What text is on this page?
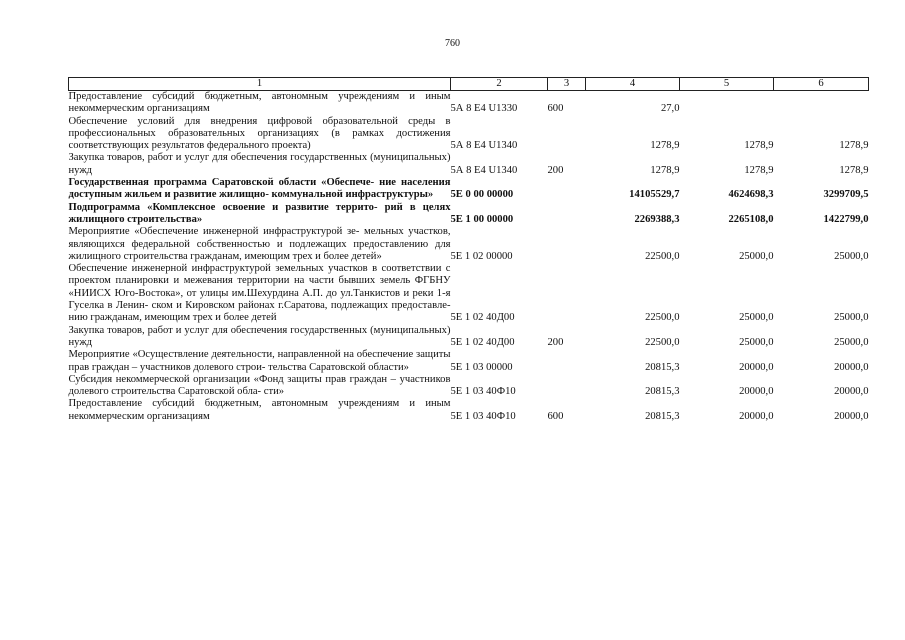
760
1	2	3	4	5	6
Предоставление субсидий бюджетным, автономным учреждениям и иным некоммерческим организациям	5А 8 Е4 U1330	600	27,0		
Обеспечение условий для внедрения цифровой образовательной среды в профессиональных образовательных организациях (в рамках достижения соответствующих результатов федерального проекта)	5А 8 Е4 U1340		1278,9	1278,9	1278,9
Закупка товаров, работ и услуг для обеспечения государственных (муниципальных) нужд	5А 8 Е4 U1340	200	1278,9	1278,9	1278,9
Государственная программа Саратовской области «Обеспече- ние населения доступным жильем и развитие жилищно- коммунальной инфраструктуры»	5Е 0 00 00000		14105529,7	4624698,3	3299709,5
Подпрограмма «Комплексное освоение и развитие террито- рий в целях жилищного строительства»	5Е 1 00 00000		2269388,3	2265108,0	1422799,0
Мероприятие «Обеспечение инженерной инфраструктурой зе- мельных участков, являющихся федеральной собственностью и подлежащих предоставлению для жилищного строительства гражданам, имеющим трех и более детей»	5Е 1 02 00000		22500,0	25000,0	25000,0
Обеспечение инженерной инфраструктурой земельных участков в соответствии с проектом планировки и межевания территории на части бывших земель ФГБНУ «НИИСХ Юго-Востока», от улицы им.Шехурдина А.П. до ул.Танкистов и реки 1-я Гуселка в Ленин- ском и Кировском районах г.Саратова, подлежащих предоставле- нию гражданам, имеющим трех и более детей	5Е 1 02 40Д00		22500,0	25000,0	25000,0
Закупка товаров, работ и услуг для обеспечения государственных (муниципальных) нужд	5Е 1 02 40Д00	200	22500,0	25000,0	25000,0
Мероприятие «Осуществление деятельности, направленной на обеспечение защиты прав граждан – участников долевого строи- тельства Саратовской области»	5Е 1 03 00000		20815,3	20000,0	20000,0
Субсидия некоммерческой организации «Фонд защиты прав граждан – участников долевого строительства Саратовской обла- сти»	5Е 1 03 40Ф10		20815,3	20000,0	20000,0
Предоставление субсидий бюджетным, автономным учреждениям и иным некоммерческим организациям	5Е 1 03 40Ф10	600	20815,3	20000,0	20000,0
